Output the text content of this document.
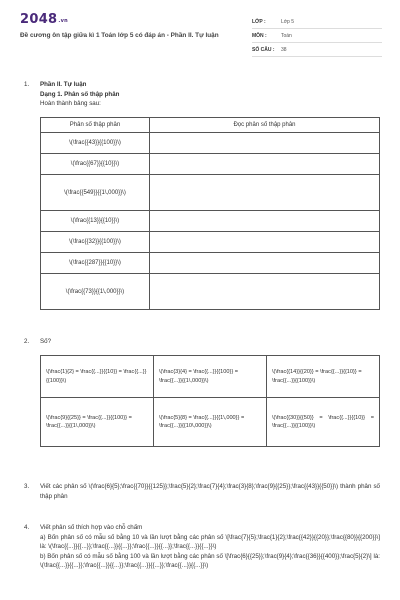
$2048^{.vn}$
Đề cương ôn tập giữa kì 1 Toán lớp 5 có đáp án - Phần II. Tự luận
LỚP :	Lớp 5
MÔN :	Toán
SỐ CÂU :	38
1. Phần II. Tự luận
Dạng 1. Phân số thập phân
Hoàn thành bảng sau:
Phân số thập phân	Đọc phân số thập phân
\(\frac{{43}}{{100}}\)	
\(\frac{{67}}{{10}}\)	
\(\frac{{549}}{{1\,000}}\)	
\(\frac{{13}}{{10}}\)	
\(\frac{{32}}{{100}}\)	
\(\frac{{287}}{{10}}\)	
\(\frac{{73}}{{1\,000}}\)	
2. Số?
\(\frac{1}{2} = \frac{{...}}{{10}} = \frac{{...}}{{100}}\)	\(\frac{3}{4} = \frac{{...}}{{100}} = \frac{{...}}{{1\,000}}\)	\(\frac{{14}}{{20}} = \frac{{...}}{{10}} = \frac{{...}}{{100}}\)
\(\frac{9}{{25}} = \frac{{...}}{{100}} = \frac{{...}}{{1\,000}}\)	\(\frac{5}{8} = \frac{{...}}{{1\,000}} = \frac{{...}}{{10\,000}}\)	\(\frac{{30}}{{50}} = \frac{{...}}{{10}} = \frac{{...}}{{100}}\)
3. Viết các phân số \(\frac{6}{5};\frac{{70}}{{125}};\frac{5}{2};\frac{7}{4};\frac{3}{8};\frac{9}{{25}};\frac{{43}}{{50}}\) thành phân số thập phân
4. Viết phân số thích hợp vào chỗ chấm
a) Bốn phân số có mẫu số bằng 10 và lần lượt bằng các phân số \[\frac{7}{5};\frac{1}{2};\frac{{42}}{{20}};\frac{{80}}{{200}}\] là: \(\frac{{...}}{{...}};\frac{{...}}{{...}};\frac{{...}}{{...}};\frac{{...}}{{...}}\)
b) Bốn phân số có mẫu số bằng 100 và lần lượt bằng các phân số \[\frac{6}{{25}};\frac{9}{4};\frac{{36}}{{400}};\frac{5}{2}\] là: \(\frac{{...}}{{...}};\frac{{...}}{{...}};\frac{{...}}{{...}};\frac{{...}}{{...}}\)
